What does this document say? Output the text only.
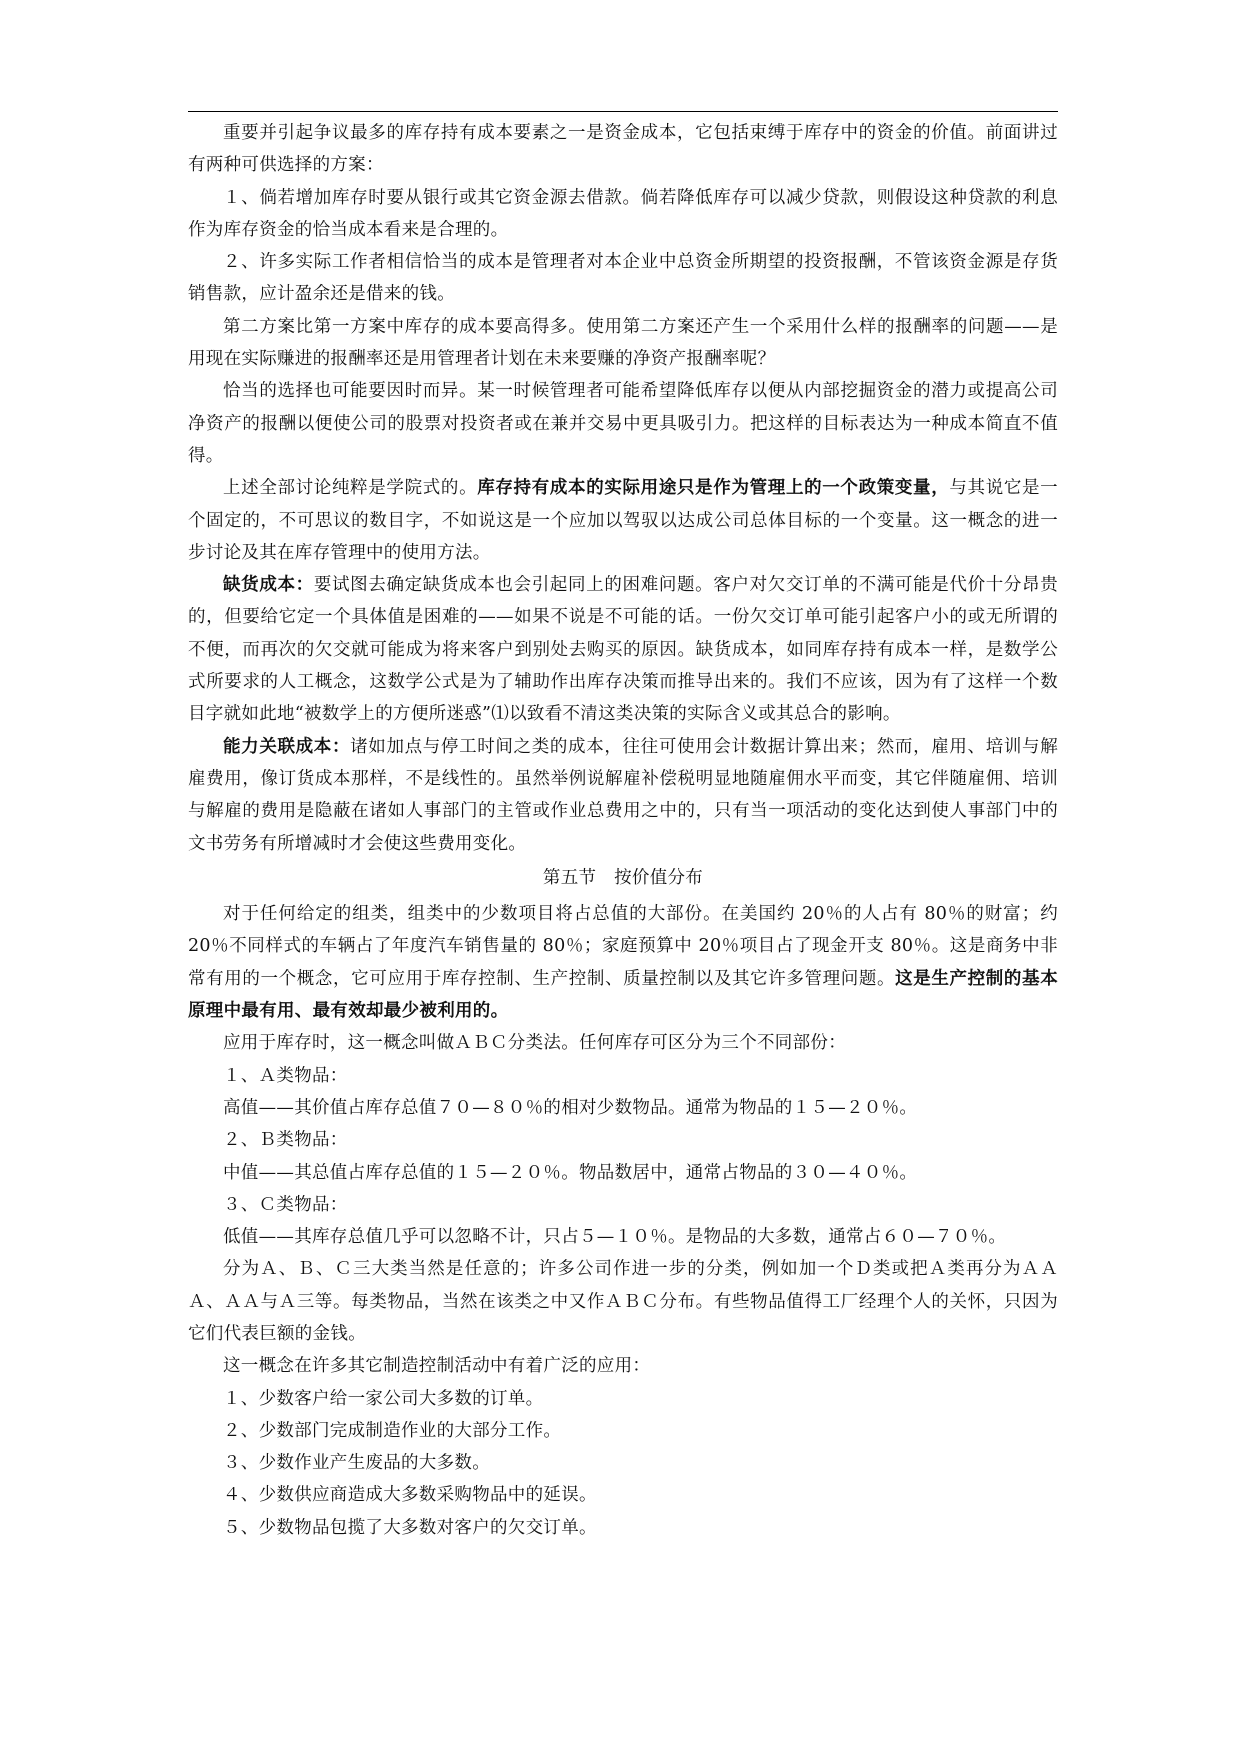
重要并引起争议最多的库存持有成本要素之一是资金成本，它包括束缚于库存中的资金的价值。前面讲过有两种可供选择的方案：

１、倘若增加库存时要从银行或其它资金源去借款。倘若降低库存可以减少贷款，则假设这种贷款的利息作为库存资金的恰当成本看来是合理的。

２、许多实际工作者相信恰当的成本是管理者对本企业中总资金所期望的投资报酬，不管该资金源是存货销售款，应计盈余还是借来的钱。

第二方案比第一方案中库存的成本要高得多。使用第二方案还产生一个采用什么样的报酬率的问题——是用现在实际赚进的报酬率还是用管理者计划在未来要赚的净资产报酬率呢？

恰当的选择也可能要因时而异。某一时候管理者可能希望降低库存以便从内部挖掘资金的潜力或提高公司净资产的报酬以便使公司的股票对投资者或在兼并交易中更具吸引力。把这样的目标表达为一种成本简直不值得。

上述全部讨论纯粹是学院式的。库存持有成本的实际用途只是作为管理上的一个政策变量，与其说它是一个固定的，不可思议的数目字，不如说这是一个应加以驾驭以达成公司总体目标的一个变量。这一概念的进一步讨论及其在库存管理中的使用方法。

缺货成本：要试图去确定缺货成本也会引起同上的困难问题。客户对欠交订单的不满可能是代价十分昂贵的，但要给它定一个具体值是困难的——如果不说是不可能的话。一份欠交订单可能引起客户小的或无所谓的不便，而再次的欠交就可能成为将来客户到别处去购买的原因。缺货成本，如同库存持有成本一样，是数学公式所要求的人工概念，这数学公式是为了辅助作出库存决策而推导出来的。我们不应该，因为有了这样一个数目字就如此地“被数学上的方便所迷惑”⑴以致看不清这类决策的实际含义或其总合的影响。

能力关联成本：诸如加点与停工时间之类的成本，往往可使用会计数据计算出来；然而，雇用、培训与解雇费用，像订货成本那样，不是线性的。虽然举例说解雇补偿税明显地随雇佣水平而变，其它伴随雇佣、培训与解雇的费用是隐蔽在诸如人事部门的主管或作业总费用之中的，只有当一项活动的变化达到使人事部门中的文书劳务有所增减时才会使这些费用变化。

第五节　按价值分布

对于任何给定的组类，组类中的少数项目将占总值的大部份。在美国约 20％的人占有 80％的财富；约 20％不同样式的车辆占了年度汽车销售量的 80％；家庭预算中 20％项目占了现金开支 80％。这是商务中非常有用的一个概念，它可应用于库存控制、生产控制、质量控制以及其它许多管理问题。这是生产控制的基本原理中最有用、最有效却最少被利用的。

应用于库存时，这一概念叫做ＡＢＣ分类法。任何库存可区分为三个不同部份：

１、Ａ类物品：

高值——其价值占库存总值７０—８０％的相对少数物品。通常为物品的１５—２０％。

２、Ｂ类物品：

中值——其总值占库存总值的１５—２０％。物品数居中，通常占物品的３０—４０％。

３、Ｃ类物品：

低值——其库存总值几乎可以忽略不计，只占５—１０％。是物品的大多数，通常占６０—７０％。

分为Ａ、Ｂ、Ｃ三大类当然是任意的；许多公司作进一步的分类，例如加一个Ｄ类或把Ａ类再分为ＡＡＡ、ＡＡ与Ａ三等。每类物品，当然在该类之中又作ＡＢＣ分布。有些物品值得工厂经理个人的关怀，只因为它们代表巨额的金钱。

这一概念在许多其它制造控制活动中有着广泛的应用：

１、少数客户给一家公司大多数的订单。

２、少数部门完成制造作业的大部分工作。

３、少数作业产生废品的大多数。

４、少数供应商造成大多数采购物品中的延误。

５、少数物品包揽了大多数对客户的欠交订单。
